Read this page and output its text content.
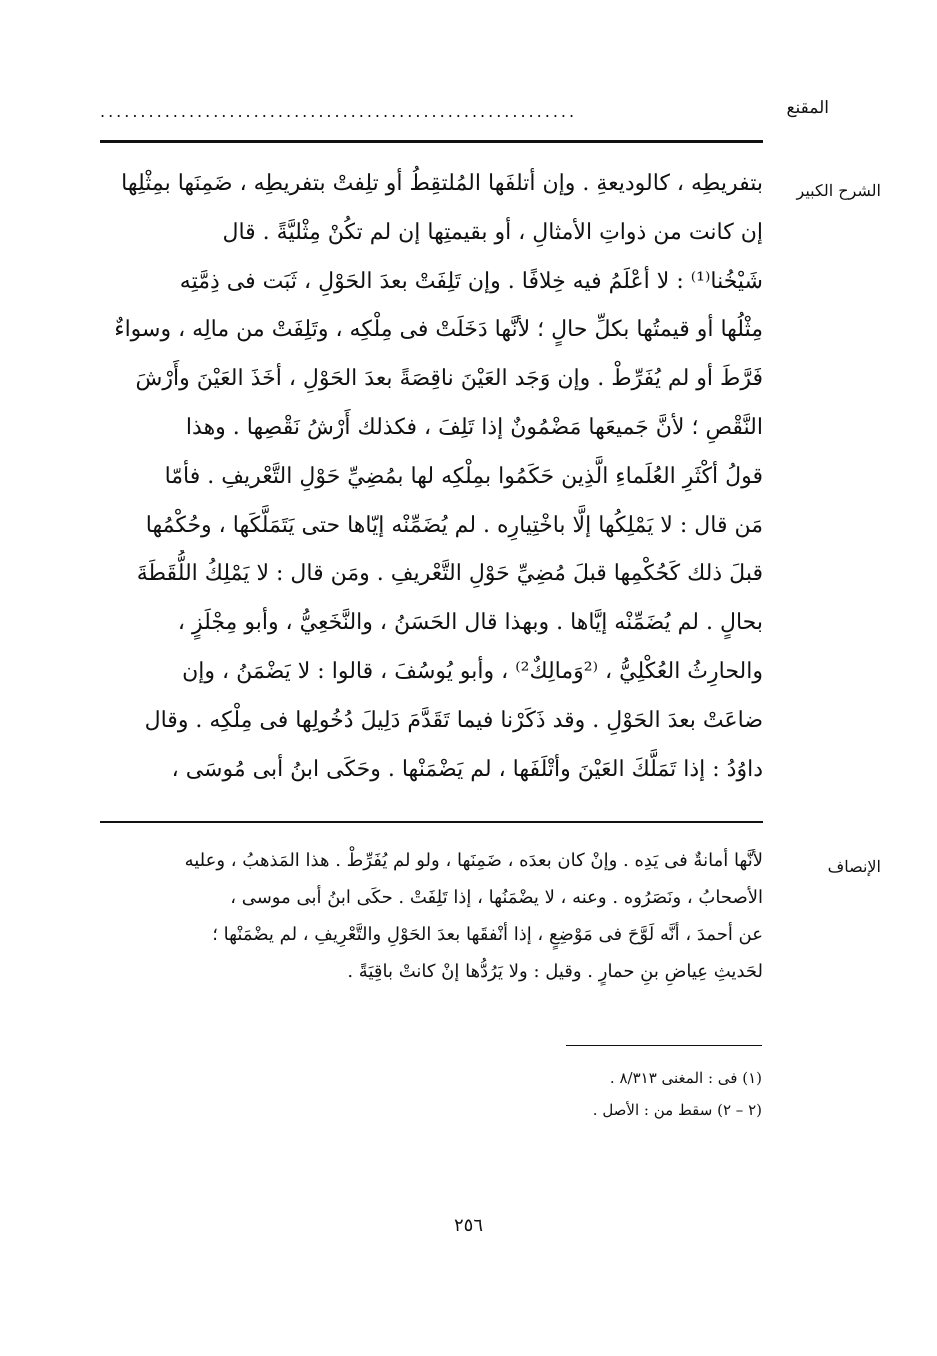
المقنع
...........................................................
الشرح الكبير
بتفريطِه ، كالوديعةِ . وإن أتلفَها المُلتقِطُ أو تلِفتْ بتفريطِه ، ضَمِنَها بمِثْلِها
إن كانت من ذواتِ الأمثالِ ، أو بقيمتِها إن لم تكُنْ مِثْليَّةً . قال
شَيْخُنا⁽¹⁾ : لا أعْلَمُ فيه خِلافًا . وإن تَلِفَتْ بعدَ الحَوْلِ ، ثَبَت فى ذِمَّتِه
مِثْلُها أو قيمتُها بكلِّ حالٍ ؛ لأنَّها دَخَلَتْ فى مِلْكِه ، وتَلِفَتْ من مالِه ، وسواءٌ
فَرَّطَ أو لم يُفَرِّطْ . وإن وَجَد العَيْنَ ناقِصَةً بعدَ الحَوْلِ ، أخَذَ العَيْنَ وأَرْشَ
النَّقْصِ ؛ لأنَّ جَميعَها مَضْمُونٌ إذا تَلِفَ ، فكذلك أَرْشُ نَقْصِها . وهذا
قولُ أكْثَرِ العُلَماءِ الَّذِين حَكَمُوا بمِلْكِه لها بمُضِيِّ حَوْلِ التَّعْريفِ . فأمّا
مَن قال : لا يَمْلِكُها إلَّا باخْتِيارِه . لم يُضَمِّنْه إيّاها حتى يَتَمَلَّكَها ، وحُكْمُها
قبلَ ذلك كَحُكْمِها قبلَ مُضِيِّ حَوْلِ التَّعْريفِ . ومَن قال : لا يَمْلِكُ اللُّقَطَةَ
بحالٍ . لم يُضَمِّنْه إيَّاها . وبهذا قال الحَسَنُ ، والنَّخَعِيُّ ، وأبو مِجْلَزٍ ،
والحارِثُ العُكْلِيُّ ، ⁽²وَمالِكٌ²⁾ ، وأبو يُوسُفَ ، قالوا : لا يَضْمَنُ ، وإن
ضاعَتْ بعدَ الحَوْلِ . وقد ذَكَرْنا فيما تَقَدَّمَ دَلِيلَ دُخُولِها فى مِلْكِه . وقال
داوُدُ : إذا تَمَلَّكَ العَيْنَ وأتْلَفَها ، لم يَضْمَنْها . وحَكَى ابنُ أبى مُوسَى ،
الإنصاف
لأنَّها أمانةٌ فى يَدِه . وإنْ كان بعدَه ، ضَمِنَها ، ولو لم يُفَرِّطْ . هذا المَذهبُ ، وعليه
الأصحابُ ، ونَصَرُوه . وعنه ، لا يضْمَنُها ، إذا تَلِفَتْ . حكَى ابنُ أبى موسى ،
عن أحمدَ ، أنَّه لَوَّحَ فى مَوْضِعٍ ، إذا أنْفقَها بعدَ الحَوْلِ والتَّعْرِيفِ ، لم يضْمَنْها ؛
لحَديثِ عِياضِ بنِ حمارٍ . وقيل : ولا يَرُدُّها إنْ كانتْ باقِيَةً .
(١) فى : المغنى ٨/٣١٣ .
(٢ – ٢) سقط من : الأصل .
٢٥٦
